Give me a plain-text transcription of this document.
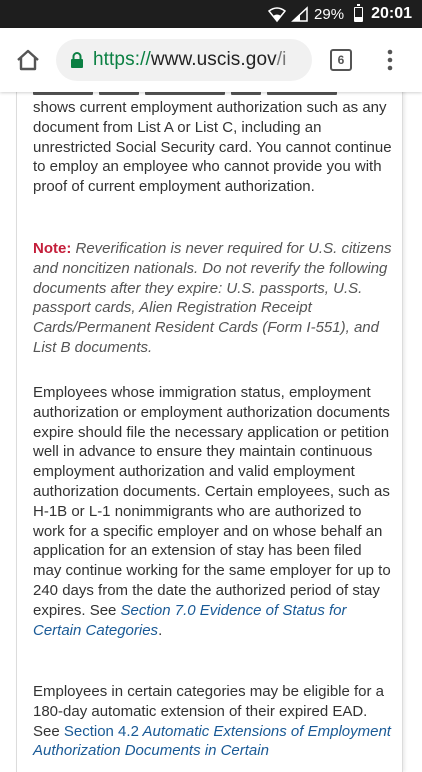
29% 20:01
https://www.uscis.gov/i	6

shows current employment authorization such as any document from List A or List C, including an unrestricted Social Security card. You cannot continue to employ an employee who cannot provide you with proof of current employment authorization.

Note: Reverification is never required for U.S. citizens and noncitizen nationals. Do not reverify the following documents after they expire: U.S. passports, U.S. passport cards, Alien Registration Receipt Cards/Permanent Resident Cards (Form I-551), and List B documents.

Employees whose immigration status, employment authorization or employment authorization documents expire should file the necessary application or petition well in advance to ensure they maintain continuous employment authorization and valid employment authorization documents. Certain employees, such as H-1B or L-1 nonimmigrants who are authorized to work for a specific employer and on whose behalf an application for an extension of stay has been filed may continue working for the same employer for up to 240 days from the date the authorized period of stay expires. See Section 7.0 Evidence of Status for Certain Categories.

Employees in certain categories may be eligible for a 180-day automatic extension of their expired EAD. See Section 4.2 Automatic Extensions of Employment Authorization Documents in Certain
